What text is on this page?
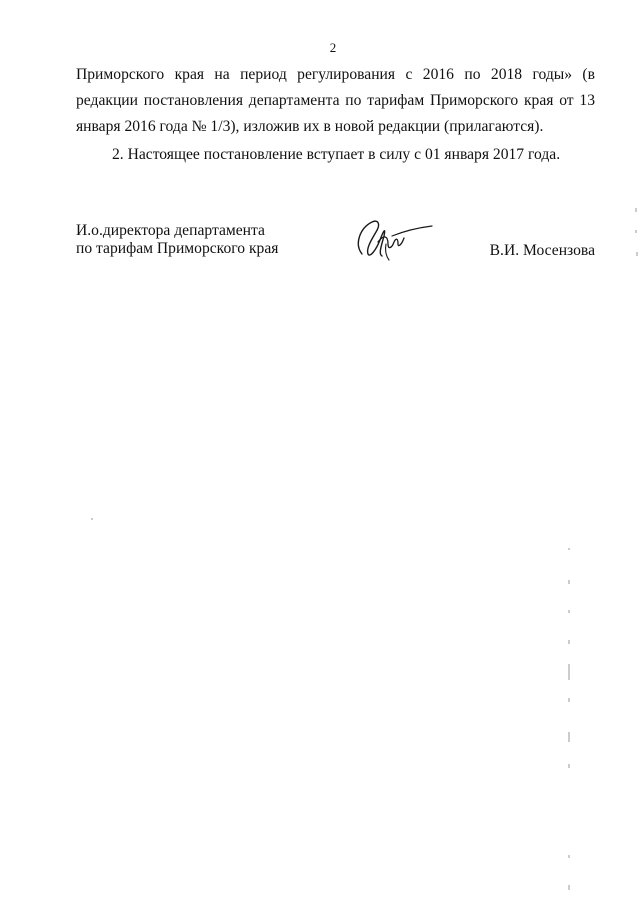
2

Приморского края на период регулирования с 2016 по 2018 годы» (в редакции постановления департамента по тарифам Приморского края от 13 января 2016 года № 1/3), изложив их в новой редакции (прилагаются).

2. Настоящее постановление вступает в силу с 01 января 2017 года.

И.о.директора департамента
по тарифам Приморского края	В.И. Мосензова
